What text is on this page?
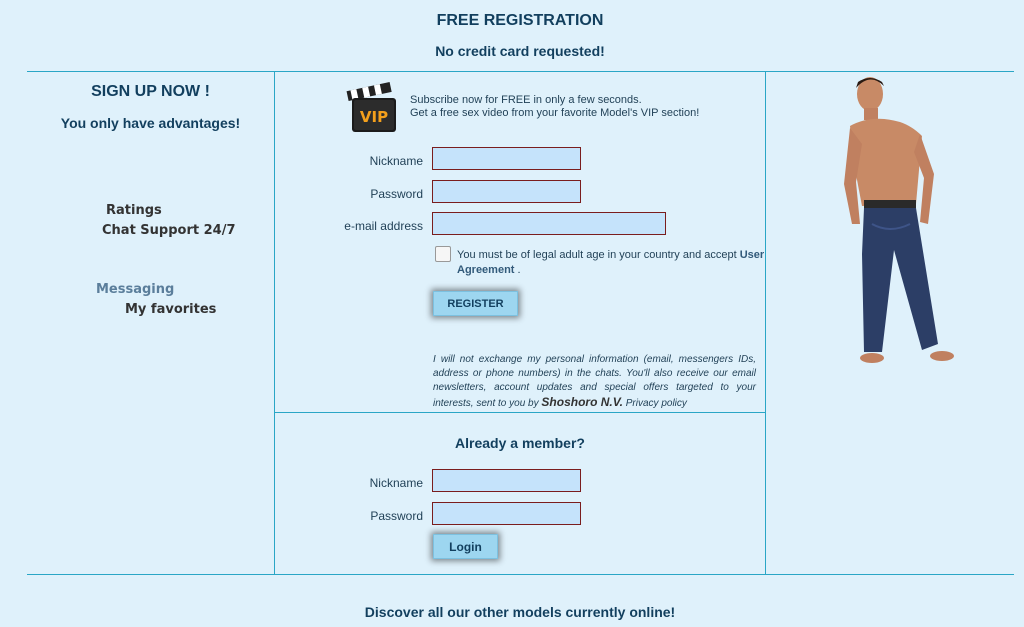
FREE REGISTRATION
No credit card requested!
SIGN UP NOW !
You only have advantages!
Ratings
Chat Support 24/7
Messaging
My favorites
VIP
Subscribe now for FREE in only a few seconds.
Get a free sex video from your favorite Model's VIP section!
Nickname
Password
e-mail address
You must be of legal adult age in your country and accept User Agreement .
REGISTER
I will not exchange my personal information (email, messengers IDs, address or phone numbers) in the chats. You'll also receive our email newsletters, account updates and special offers targeted to your interests, sent to you by Shoshoro N.V. Privacy policy
Already a member?
Nickname
Password
Login
Discover all our other models currently online!
